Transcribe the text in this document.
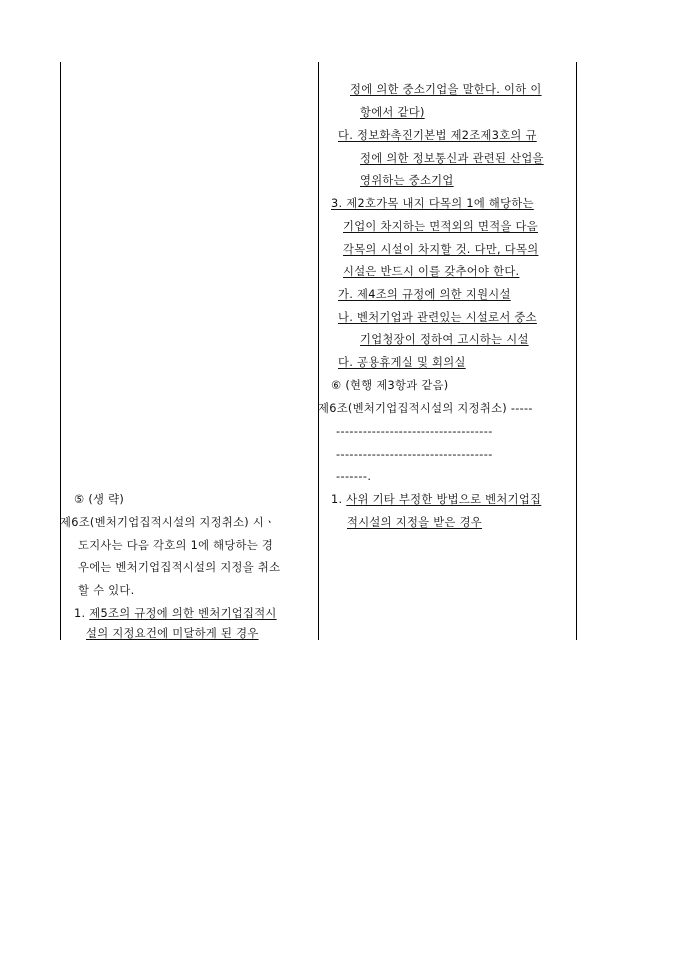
정에 의한 중소기업을 말한다. 이하 이
항에서 같다)
다. 정보화촉진기본법 제2조제3호의 규
정에 의한 정보통신과 관련된 산업을
영위하는 중소기업
3. 제2호가목 내지 다목의 1에 해당하는
기업이 차지하는 면적외의 면적을 다음
각목의 시설이 차지할 것. 다만, 다목의
시설은 반드시 이를 갖추어야 한다.
가. 제4조의 규정에 의한 지원시설
나. 벤처기업과 관련있는 시설로서 중소
기업청장이 정하여 고시하는 시설
다. 공용휴게실 및 회의실
⑥ (현행 제3항과 같음)
제6조(벤처기업집적시설의 지정취소) -----
-----------------------------------
-----------------------------------
-------.
1. 사위 기타 부정한 방법으로 벤처기업집
적시설의 지정을 받은 경우
⑤ (생 략)
제6조(벤처기업집적시설의 지정취소) 시ㆍ
도지사는 다음 각호의 1에 해당하는 경
우에는 벤처기업집적시설의 지정을 취소
할 수 있다.
1. 제5조의 규정에 의한 벤처기업집적시
설의 지정요건에 미달하게 된 경우
